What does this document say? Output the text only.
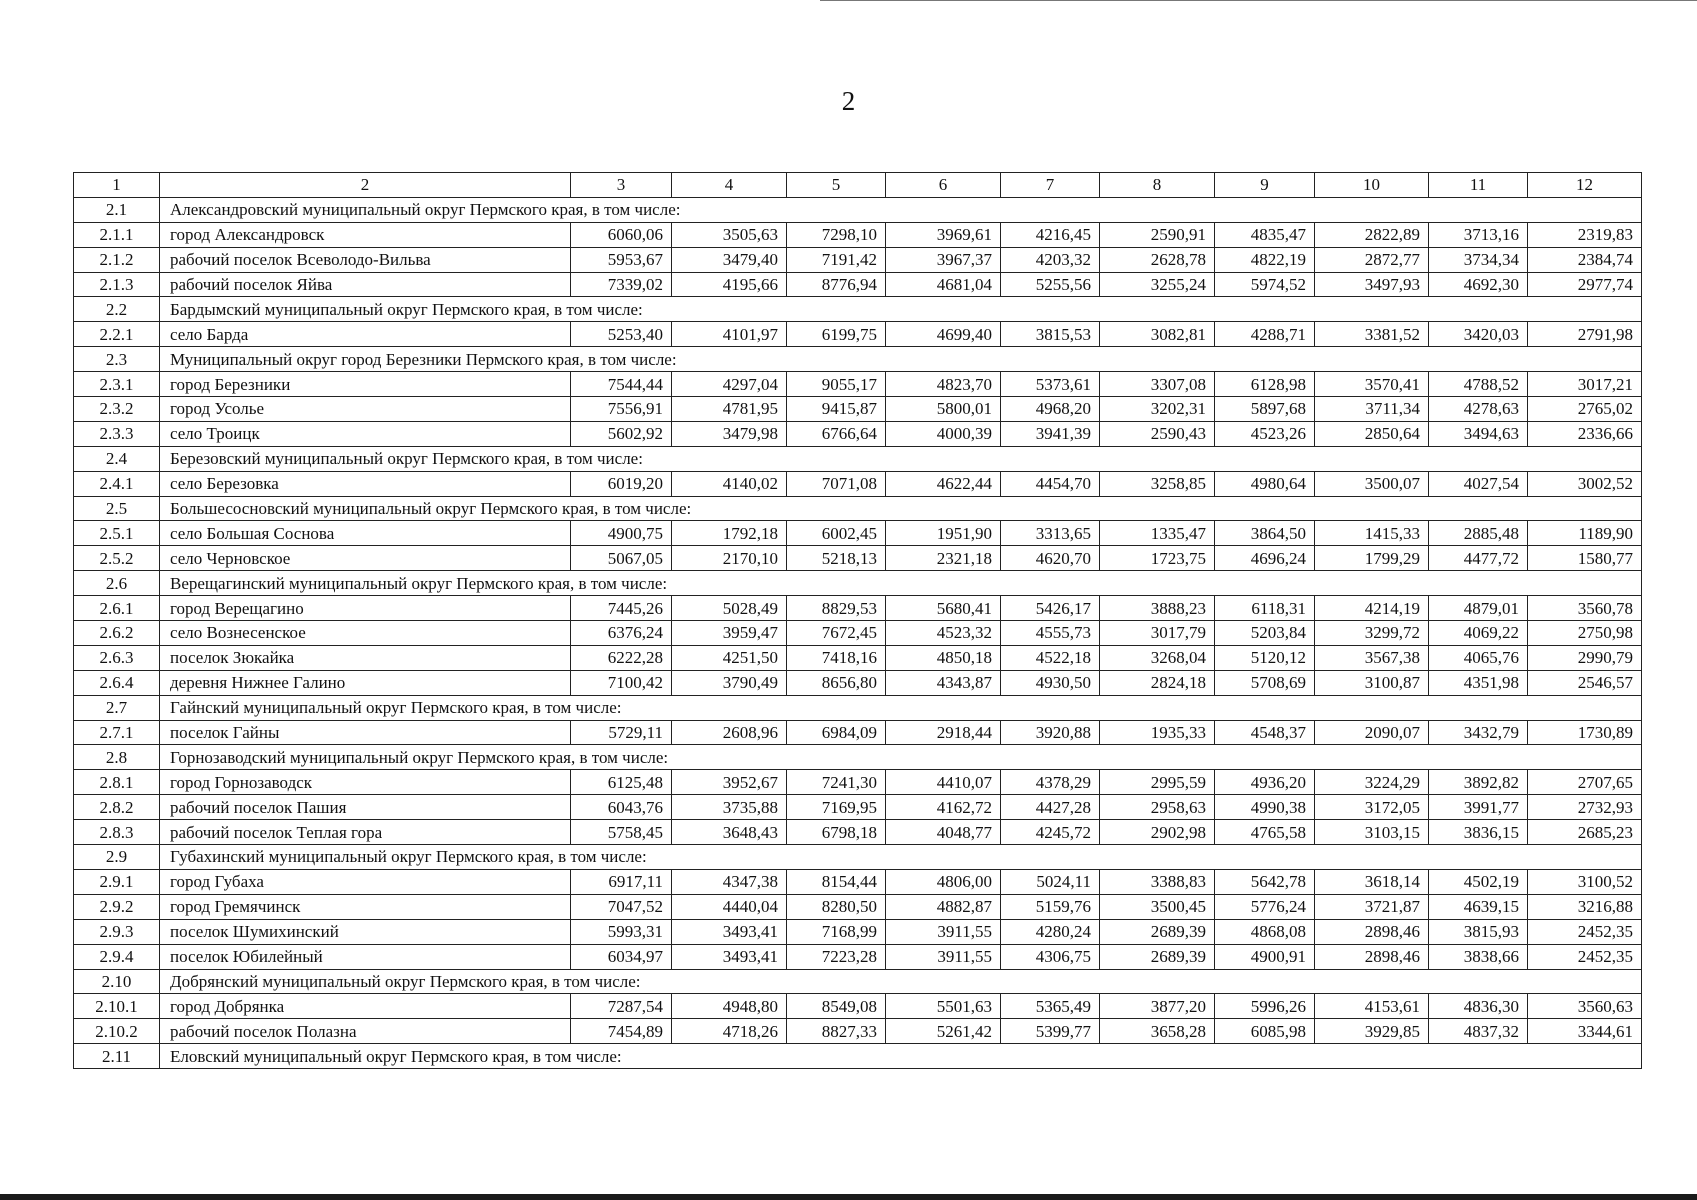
2
1	2	3	4	5	6	7	8	9	10	11	12
2.1	Александровский муниципальный округ Пермского края, в том числе:										
2.1.1	город Александровск	6060,06	3505,63	7298,10	3969,61	4216,45	2590,91	4835,47	2822,89	3713,16	2319,83
2.1.2	рабочий поселок Всеволодо-Вильва	5953,67	3479,40	7191,42	3967,37	4203,32	2628,78	4822,19	2872,77	3734,34	2384,74
2.1.3	рабочий поселок Яйва	7339,02	4195,66	8776,94	4681,04	5255,56	3255,24	5974,52	3497,93	4692,30	2977,74
2.2	Бардымский муниципальный округ Пермского края, в том числе:										
2.2.1	село Барда	5253,40	4101,97	6199,75	4699,40	3815,53	3082,81	4288,71	3381,52	3420,03	2791,98
2.3	Муниципальный округ город Березники Пермского края, в том числе:										
2.3.1	город Березники	7544,44	4297,04	9055,17	4823,70	5373,61	3307,08	6128,98	3570,41	4788,52	3017,21
2.3.2	город Усолье	7556,91	4781,95	9415,87	5800,01	4968,20	3202,31	5897,68	3711,34	4278,63	2765,02
2.3.3	село Троицк	5602,92	3479,98	6766,64	4000,39	3941,39	2590,43	4523,26	2850,64	3494,63	2336,66
2.4	Березовский муниципальный округ Пермского края, в том числе:										
2.4.1	село Березовка	6019,20	4140,02	7071,08	4622,44	4454,70	3258,85	4980,64	3500,07	4027,54	3002,52
2.5	Большесосновский муниципальный округ Пермского края, в том числе:										
2.5.1	село Большая Соснова	4900,75	1792,18	6002,45	1951,90	3313,65	1335,47	3864,50	1415,33	2885,48	1189,90
2.5.2	село Черновское	5067,05	2170,10	5218,13	2321,18	4620,70	1723,75	4696,24	1799,29	4477,72	1580,77
2.6	Верещагинский муниципальный округ Пермского края, в том числе:										
2.6.1	город Верещагино	7445,26	5028,49	8829,53	5680,41	5426,17	3888,23	6118,31	4214,19	4879,01	3560,78
2.6.2	село Вознесенское	6376,24	3959,47	7672,45	4523,32	4555,73	3017,79	5203,84	3299,72	4069,22	2750,98
2.6.3	поселок Зюкайка	6222,28	4251,50	7418,16	4850,18	4522,18	3268,04	5120,12	3567,38	4065,76	2990,79
2.6.4	деревня Нижнее Галино	7100,42	3790,49	8656,80	4343,87	4930,50	2824,18	5708,69	3100,87	4351,98	2546,57
2.7	Гайнский муниципальный округ Пермского края, в том числе:										
2.7.1	поселок Гайны	5729,11	2608,96	6984,09	2918,44	3920,88	1935,33	4548,37	2090,07	3432,79	1730,89
2.8	Горнозаводский муниципальный округ Пермского края, в том числе:										
2.8.1	город Горнозаводск	6125,48	3952,67	7241,30	4410,07	4378,29	2995,59	4936,20	3224,29	3892,82	2707,65
2.8.2	рабочий поселок Пашия	6043,76	3735,88	7169,95	4162,72	4427,28	2958,63	4990,38	3172,05	3991,77	2732,93
2.8.3	рабочий поселок Теплая гора	5758,45	3648,43	6798,18	4048,77	4245,72	2902,98	4765,58	3103,15	3836,15	2685,23
2.9	Губахинский муниципальный округ Пермского края, в том числе:										
2.9.1	город Губаха	6917,11	4347,38	8154,44	4806,00	5024,11	3388,83	5642,78	3618,14	4502,19	3100,52
2.9.2	город Гремячинск	7047,52	4440,04	8280,50	4882,87	5159,76	3500,45	5776,24	3721,87	4639,15	3216,88
2.9.3	поселок Шумихинский	5993,31	3493,41	7168,99	3911,55	4280,24	2689,39	4868,08	2898,46	3815,93	2452,35
2.9.4	поселок Юбилейный	6034,97	3493,41	7223,28	3911,55	4306,75	2689,39	4900,91	2898,46	3838,66	2452,35
2.10	Добрянский муниципальный округ Пермского края, в том числе:										
2.10.1	город Добрянка	7287,54	4948,80	8549,08	5501,63	5365,49	3877,20	5996,26	4153,61	4836,30	3560,63
2.10.2	рабочий поселок Полазна	7454,89	4718,26	8827,33	5261,42	5399,77	3658,28	6085,98	3929,85	4837,32	3344,61
2.11	Еловский муниципальный округ Пермского края, в том числе:										
